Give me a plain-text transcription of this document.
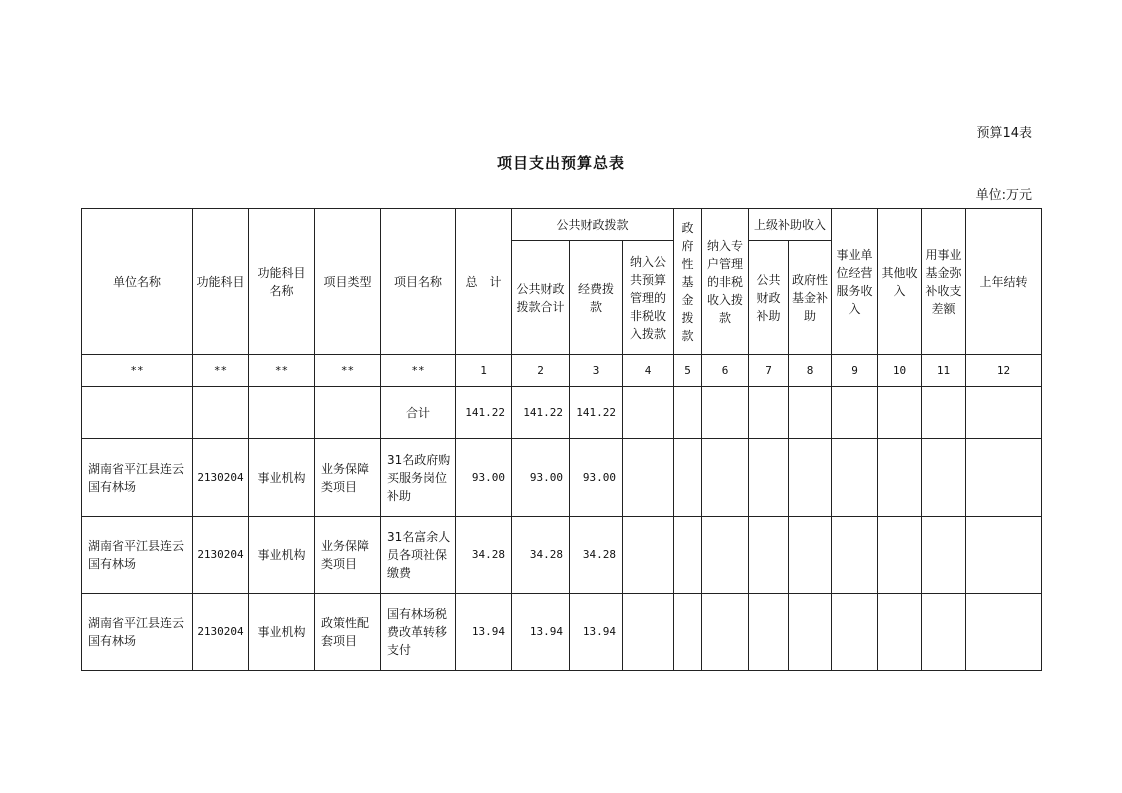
预算14表
项目支出预算总表
单位:万元
单位名称	功能科目	功能科目名称	项目类型	项目名称	总　计	公共财政拨款			政府性基金拨款	纳入专户管理的非税收入拨款	上级补助收入		事业单位经营服务收入	其他收入	用事业基金弥补收支差额	上年结转
						公共财政拨款合计	经费拨款	纳入公共预算管理的非税收入拨款			公共财政补助	政府性基金补助				
**	**	**	**	**	1	2	3	4	5	6	7	8	9	10	11	12
				合计	141.22	141.22	141.22									
湖南省平江县连云国有林场	2130204	事业机构	业务保障类项目	31名政府购买服务岗位补助	93.00	93.00	93.00									
湖南省平江县连云国有林场	2130204	事业机构	业务保障类项目	31名富余人员各项社保缴费	34.28	34.28	34.28									
湖南省平江县连云国有林场	2130204	事业机构	政策性配套项目	国有林场税费改革转移支付	13.94	13.94	13.94									
